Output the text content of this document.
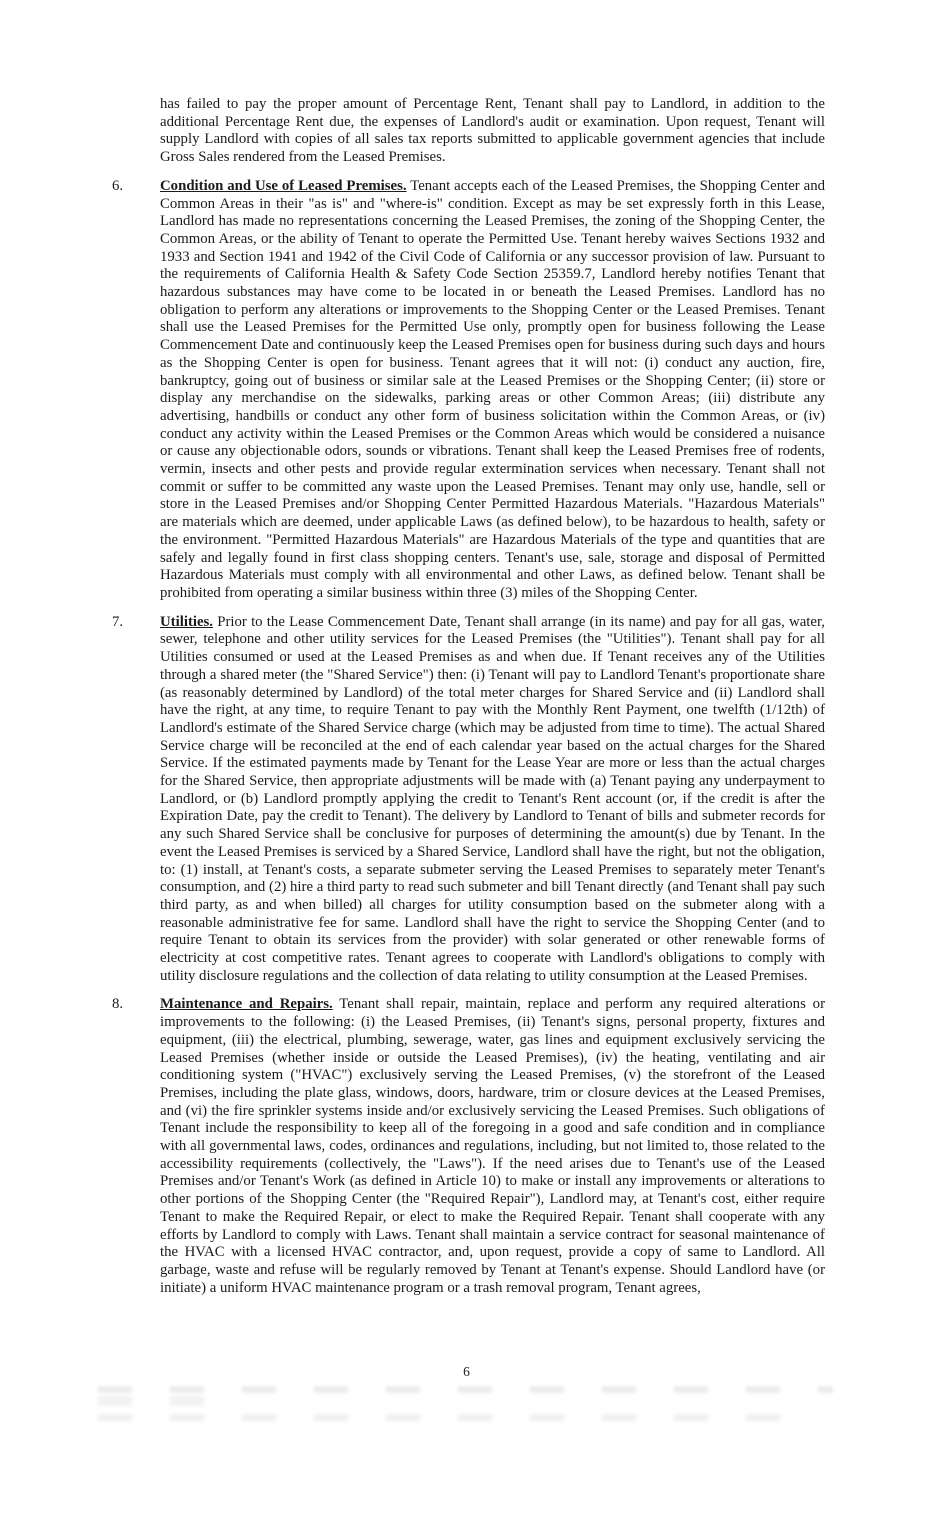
has failed to pay the proper amount of Percentage Rent, Tenant shall pay to Landlord, in addition to the additional Percentage Rent due, the expenses of Landlord's audit or examination. Upon request, Tenant will supply Landlord with copies of all sales tax reports submitted to applicable government agencies that include Gross Sales rendered from the Leased Premises.

6. Condition and Use of Leased Premises. Tenant accepts each of the Leased Premises, the Shopping Center and Common Areas in their "as is" and "where-is" condition. Except as may be set expressly forth in this Lease, Landlord has made no representations concerning the Leased Premises, the zoning of the Shopping Center, the Common Areas, or the ability of Tenant to operate the Permitted Use. Tenant hereby waives Sections 1932 and 1933 and Section 1941 and 1942 of the Civil Code of California or any successor provision of law. Pursuant to the requirements of California Health & Safety Code Section 25359.7, Landlord hereby notifies Tenant that hazardous substances may have come to be located in or beneath the Leased Premises. Landlord has no obligation to perform any alterations or improvements to the Shopping Center or the Leased Premises. Tenant shall use the Leased Premises for the Permitted Use only, promptly open for business following the Lease Commencement Date and continuously keep the Leased Premises open for business during such days and hours as the Shopping Center is open for business. Tenant agrees that it will not: (i) conduct any auction, fire, bankruptcy, going out of business or similar sale at the Leased Premises or the Shopping Center; (ii) store or display any merchandise on the sidewalks, parking areas or other Common Areas; (iii) distribute any advertising, handbills or conduct any other form of business solicitation within the Common Areas, or (iv) conduct any activity within the Leased Premises or the Common Areas which would be considered a nuisance or cause any objectionable odors, sounds or vibrations. Tenant shall keep the Leased Premises free of rodents, vermin, insects and other pests and provide regular extermination services when necessary. Tenant shall not commit or suffer to be committed any waste upon the Leased Premises. Tenant may only use, handle, sell or store in the Leased Premises and/or Shopping Center Permitted Hazardous Materials. "Hazardous Materials" are materials which are deemed, under applicable Laws (as defined below), to be hazardous to health, safety or the environment. "Permitted Hazardous Materials" are Hazardous Materials of the type and quantities that are safely and legally found in first class shopping centers. Tenant's use, sale, storage and disposal of Permitted Hazardous Materials must comply with all environmental and other Laws, as defined below. Tenant shall be prohibited from operating a similar business within three (3) miles of the Shopping Center.

7. Utilities. Prior to the Lease Commencement Date, Tenant shall arrange (in its name) and pay for all gas, water, sewer, telephone and other utility services for the Leased Premises (the "Utilities"). Tenant shall pay for all Utilities consumed or used at the Leased Premises as and when due. If Tenant receives any of the Utilities through a shared meter (the "Shared Service") then: (i) Tenant will pay to Landlord Tenant's proportionate share (as reasonably determined by Landlord) of the total meter charges for Shared Service and (ii) Landlord shall have the right, at any time, to require Tenant to pay with the Monthly Rent Payment, one twelfth (1/12th) of Landlord's estimate of the Shared Service charge (which may be adjusted from time to time). The actual Shared Service charge will be reconciled at the end of each calendar year based on the actual charges for the Shared Service. If the estimated payments made by Tenant for the Lease Year are more or less than the actual charges for the Shared Service, then appropriate adjustments will be made with (a) Tenant paying any underpayment to Landlord, or (b) Landlord promptly applying the credit to Tenant's Rent account (or, if the credit is after the Expiration Date, pay the credit to Tenant). The delivery by Landlord to Tenant of bills and submeter records for any such Shared Service shall be conclusive for purposes of determining the amount(s) due by Tenant. In the event the Leased Premises is serviced by a Shared Service, Landlord shall have the right, but not the obligation, to: (1) install, at Tenant's costs, a separate submeter serving the Leased Premises to separately meter Tenant's consumption, and (2) hire a third party to read such submeter and bill Tenant directly (and Tenant shall pay such third party, as and when billed) all charges for utility consumption based on the submeter along with a reasonable administrative fee for same. Landlord shall have the right to service the Shopping Center (and to require Tenant to obtain its services from the provider) with solar generated or other renewable forms of electricity at cost competitive rates. Tenant agrees to cooperate with Landlord's obligations to comply with utility disclosure regulations and the collection of data relating to utility consumption at the Leased Premises.

8. Maintenance and Repairs. Tenant shall repair, maintain, replace and perform any required alterations or improvements to the following: (i) the Leased Premises, (ii) Tenant's signs, personal property, fixtures and equipment, (iii) the electrical, plumbing, sewerage, water, gas lines and equipment exclusively servicing the Leased Premises (whether inside or outside the Leased Premises), (iv) the heating, ventilating and air conditioning system ("HVAC") exclusively serving the Leased Premises, (v) the storefront of the Leased Premises, including the plate glass, windows, doors, hardware, trim or closure devices at the Leased Premises, and (vi) the fire sprinkler systems inside and/or exclusively servicing the Leased Premises. Such obligations of Tenant include the responsibility to keep all of the foregoing in a good and safe condition and in compliance with all governmental laws, codes, ordinances and regulations, including, but not limited to, those related to the accessibility requirements (collectively, the "Laws"). If the need arises due to Tenant's use of the Leased Premises and/or Tenant's Work (as defined in Article 10) to make or install any improvements or alterations to other portions of the Shopping Center (the "Required Repair"), Landlord may, at Tenant's cost, either require Tenant to make the Required Repair, or elect to make the Required Repair. Tenant shall cooperate with any efforts by Landlord to comply with Laws. Tenant shall maintain a service contract for seasonal maintenance of the HVAC with a licensed HVAC contractor, and, upon request, provide a copy of same to Landlord. All garbage, waste and refuse will be regularly removed by Tenant at Tenant's expense. Should Landlord have (or initiate) a uniform HVAC maintenance program or a trash removal program, Tenant agrees,

6
